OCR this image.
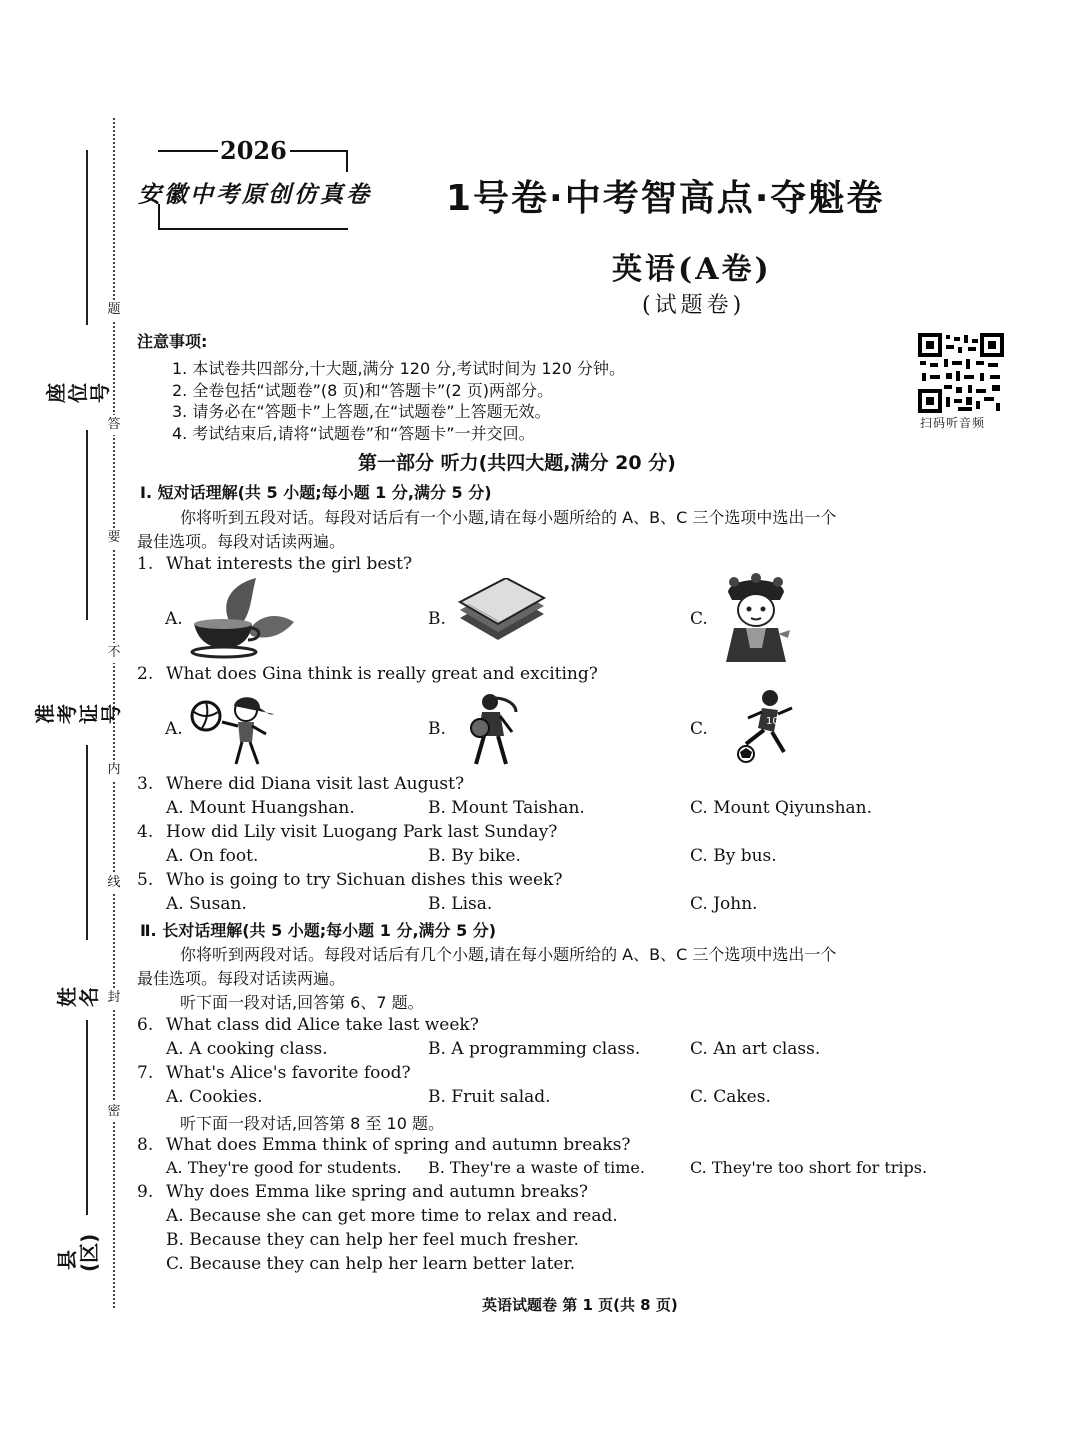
座位号
准考证号
姓名
县(区)
题
答
要
不
内
线
封
密
2026
安徽中考原创仿真卷 1号卷·中考智高点·夺魁卷
英语(A卷)
(试题卷)
扫码听音频
注意事项:
1. 本试卷共四部分,十大题,满分 120 分,考试时间为 120 分钟。
2. 全卷包括“试题卷”(8 页)和“答题卡”(2 页)两部分。
3. 请务必在“答题卡”上答题,在“试题卷”上答题无效。
4. 考试结束后,请将“试题卷”和“答题卡”一并交回。
第一部分 听力(共四大题,满分 20 分)
Ⅰ. 短对话理解(共 5 小题;每小题 1 分,满分 5 分)
你将听到五段对话。每段对话后有一个小题,请在每小题所给的 A、B、C 三个选项中选出一个
最佳选项。每段对话读两遍。
1. What interests the girl best?
A.	B.	C.
2. What does Gina think is really great and exciting?
A.	B.	C.	10
3. Where did Diana visit last August?
A. Mount Huangshan.	B. Mount Taishan.	C. Mount Qiyunshan.
4. How did Lily visit Luogang Park last Sunday?
A. On foot.	B. By bike.	C. By bus.
5. Who is going to try Sichuan dishes this week?
A. Susan.	B. Lisa.	C. John.
Ⅱ. 长对话理解(共 5 小题;每小题 1 分,满分 5 分)
你将听到两段对话。每段对话后有几个小题,请在每小题所给的 A、B、C 三个选项中选出一个
最佳选项。每段对话读两遍。
听下面一段对话,回答第 6、7 题。
6. What class did Alice take last week?
A. A cooking class.	B. A programming class.	C. An art class.
7. What's Alice's favorite food?
A. Cookies.	B. Fruit salad.	C. Cakes.
听下面一段对话,回答第 8 至 10 题。
8. What does Emma think of spring and autumn breaks?
A. They're good for students. B. They're a waste of time.	C. They're too short for trips.
9. Why does Emma like spring and autumn breaks?
A. Because she can get more time to relax and read.
B. Because they can help her feel much fresher.
C. Because they can help her learn better later.
英语试题卷 第 1 页(共 8 页)
